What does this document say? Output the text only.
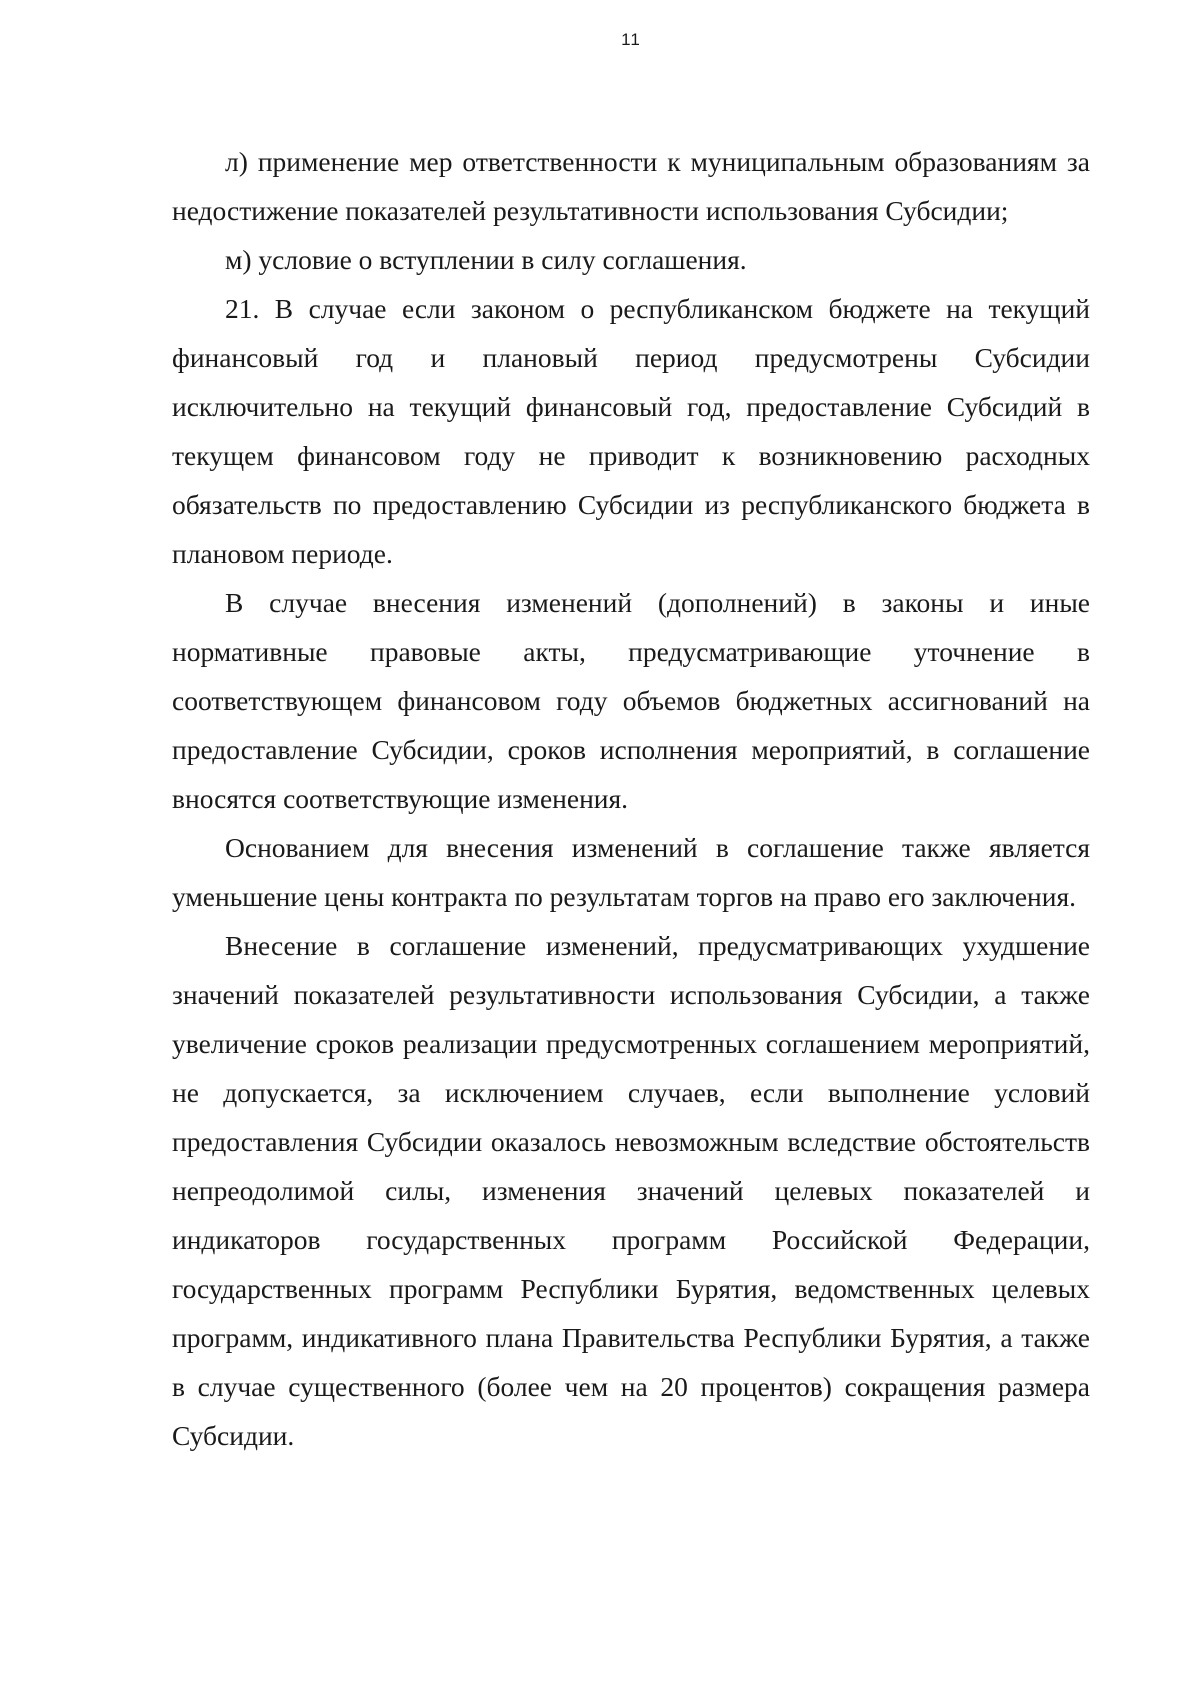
11

л) применение мер ответственности к муниципальным образованиям за недостижение показателей результативности использования Субсидии;

м) условие о вступлении в силу соглашения.

21. В случае если законом о республиканском бюджете на текущий финансовый год и плановый период предусмотрены Субсидии исключительно на текущий финансовый год, предоставление Субсидий в текущем финансовом году не приводит к возникновению расходных обязательств по предоставлению Субсидии из республиканского бюджета в плановом периоде.

В случае внесения изменений (дополнений) в законы и иные нормативные правовые акты, предусматривающие уточнение в соответствующем финансовом году объемов бюджетных ассигнований на предоставление Субсидии, сроков исполнения мероприятий, в соглашение вносятся соответствующие изменения.

Основанием для внесения изменений в соглашение также является уменьшение цены контракта по результатам торгов на право его заключения.

Внесение в соглашение изменений, предусматривающих ухудшение значений показателей результативности использования Субсидии, а также увеличение сроков реализации предусмотренных соглашением мероприятий, не допускается, за исключением случаев, если выполнение условий предоставления Субсидии оказалось невозможным вследствие обстоятельств непреодолимой силы, изменения значений целевых показателей и индикаторов государственных программ Российской Федерации, государственных программ Республики Бурятия, ведомственных целевых программ, индикативного плана Правительства Республики Бурятия, а также в случае существенного (более чем на 20 процентов) сокращения размера Субсидии.
